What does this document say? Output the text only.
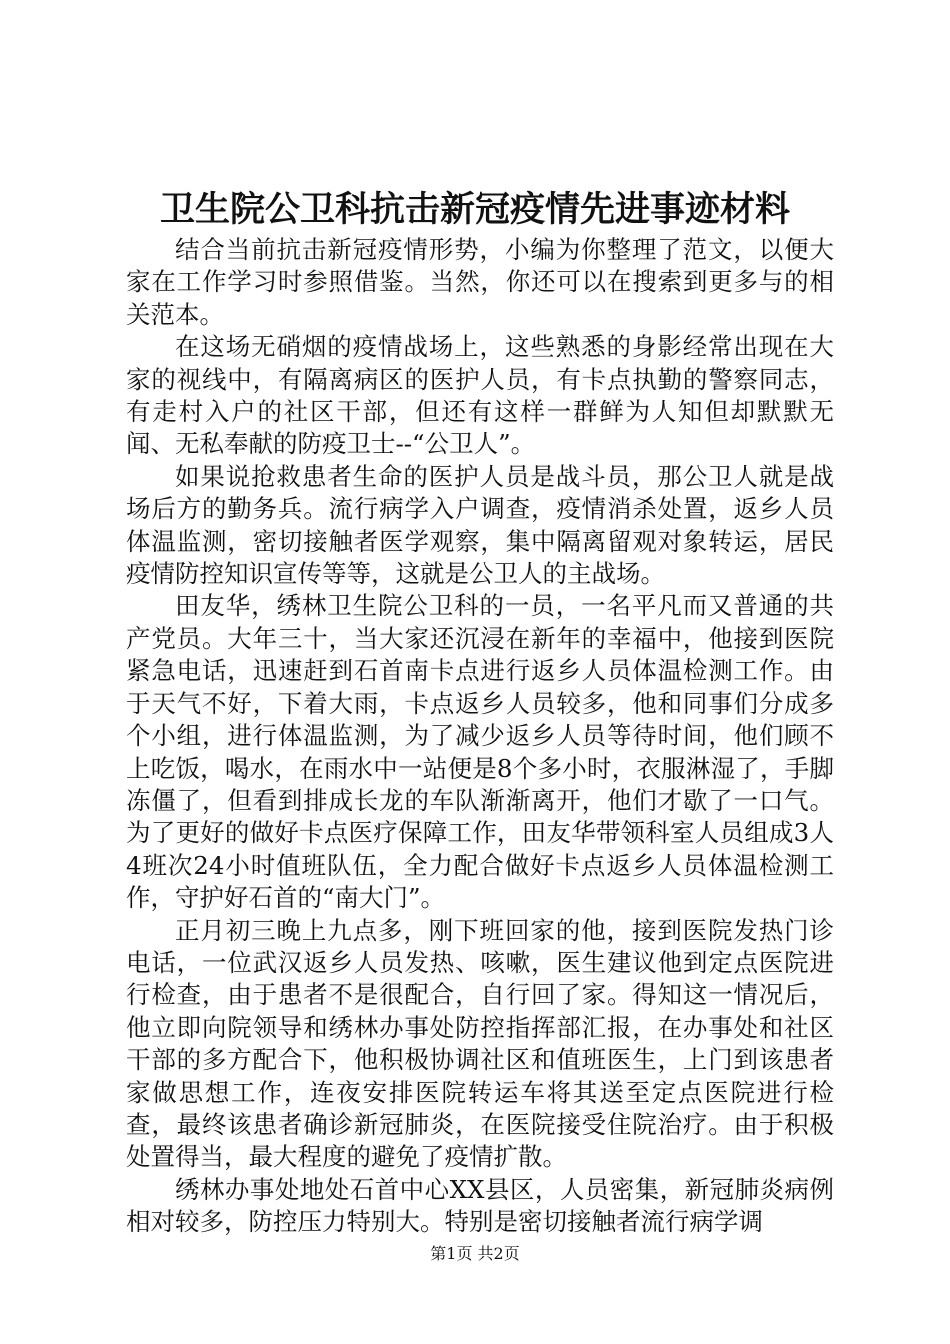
卫生院公卫科抗击新冠疫情先进事迹材料

结合当前抗击新冠疫情形势，小编为你整理了范文，以便大家在工作学习时参照借鉴。当然，你还可以在搜索到更多与的相关范本。

在这场无硝烟的疫情战场上，这些熟悉的身影经常出现在大家的视线中，有隔离病区的医护人员，有卡点执勤的警察同志，有走村入户的社区干部，但还有这样一群鲜为人知但却默默无闻、无私奉献的防疫卫士--“公卫人”。

如果说抢救患者生命的医护人员是战斗员，那公卫人就是战场后方的勤务兵。流行病学入户调查，疫情消杀处置，返乡人员体温监测，密切接触者医学观察，集中隔离留观对象转运，居民疫情防控知识宣传等等，这就是公卫人的主战场。

田友华，绣林卫生院公卫科的一员，一名平凡而又普通的共产党员。大年三十，当大家还沉浸在新年的幸福中，他接到医院紧急电话，迅速赶到石首南卡点进行返乡人员体温检测工作。由于天气不好，下着大雨，卡点返乡人员较多，他和同事们分成多个小组，进行体温监测，为了减少返乡人员等待时间，他们顾不上吃饭，喝水，在雨水中一站便是8个多小时，衣服淋湿了，手脚冻僵了，但看到排成长龙的车队渐渐离开，他们才歇了一口气。为了更好的做好卡点医疗保障工作，田友华带领科室人员组成3人4班次24小时值班队伍，全力配合做好卡点返乡人员体温检测工作，守护好石首的“南大门”。

正月初三晚上九点多，刚下班回家的他，接到医院发热门诊电话，一位武汉返乡人员发热、咳嗽，医生建议他到定点医院进行检查，由于患者不是很配合，自行回了家。得知这一情况后，他立即向院领导和绣林办事处防控指挥部汇报，在办事处和社区干部的多方配合下，他积极协调社区和值班医生，上门到该患者家做思想工作，连夜安排医院转运车将其送至定点医院进行检查，最终该患者确诊新冠肺炎，在医院接受住院治疗。由于积极处置得当，最大程度的避免了疫情扩散。

绣林办事处地处石首中心XX县区，人员密集，新冠肺炎病例相对较多，防控压力特别大。特别是密切接触者流行病学调

第1页 共2页
